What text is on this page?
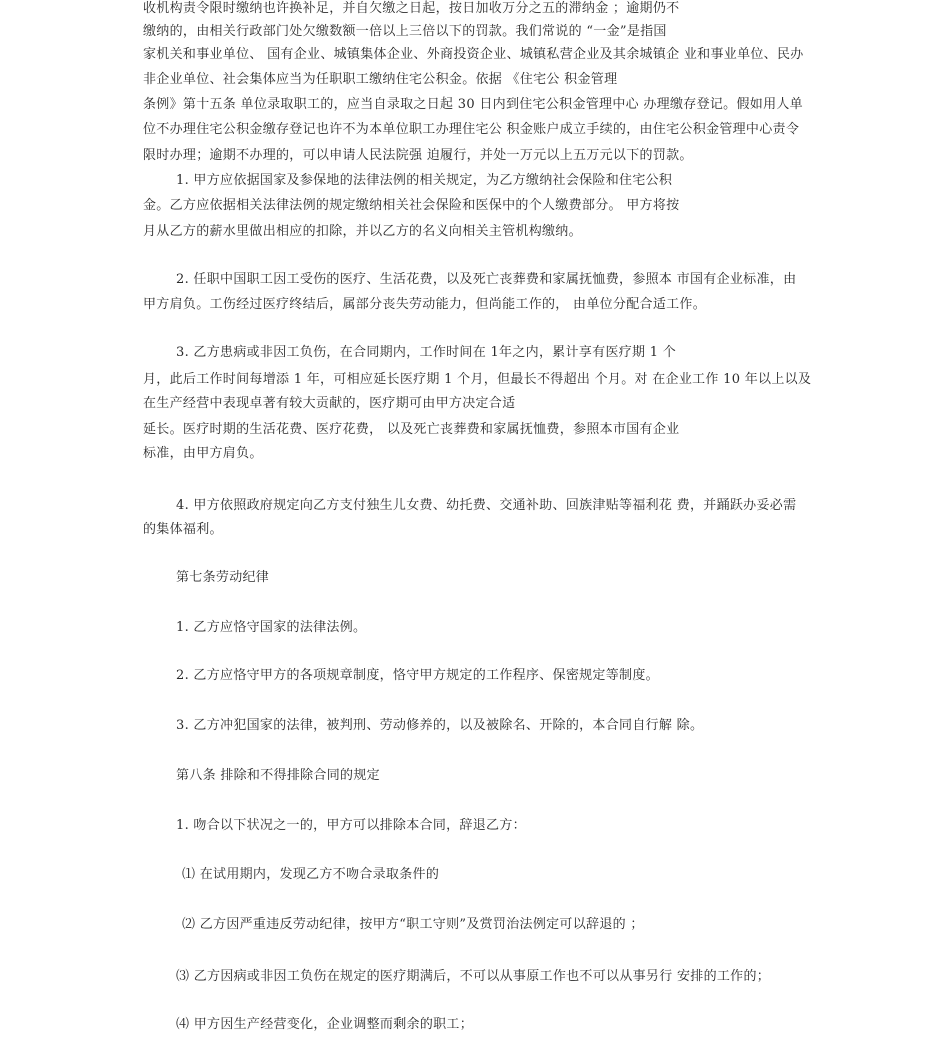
收机构责令限时缴纳也许换补足，并自欠缴之日起，按日加收万分之五的滞纳金 ；逾期仍不
缴纳的，由相关行政部门处欠缴数额一倍以上三倍以下的罚款。我们常说的 “一金”是指国
家机关和事业单位、 国有企业、城镇集体企业、外商投资企业、城镇私营企业及其余城镇企 业和事业单位、民办
非企业单位、社会集体应当为任职职工缴纳住宅公积金。依据 《住宅公 积金管理
条例》第十五条 单位录取职工的，应当自录取之日起 30 日内到住宅公积金管理中心 办理缴存登记。假如用人单
位不办理住宅公积金缴存登记也许不为本单位职工办理住宅公 积金账户成立手续的，由住宅公积金管理中心责令
限时办理；逾期不办理的，可以申请人民法院强 迫履行，并处一万元以上五万元以下的罚款。
1. 甲方应依据国家及参保地的法律法例的相关规定，为乙方缴纳社会保险和住宅公积
金。乙方应依据相关法律法例的规定缴纳相关社会保险和医保中的个人缴费部分。 甲方将按
月从乙方的薪水里做出相应的扣除，并以乙方的名义向相关主管机构缴纳。
2. 任职中国职工因工受伤的医疗、生活花费，以及死亡丧葬费和家属抚恤费，参照本 市国有企业标准，由
甲方肩负。工伤经过医疗终结后，属部分丧失劳动能力，但尚能工作的， 由单位分配合适工作。
3. 乙方患病或非因工负伤，在合同期内，工作时间在 1年之内，累计享有医疗期 1 个
月，此后工作时间每增添 1 年，可相应延长医疗期 1 个月，但最长不得超出 个月。对 在企业工作 10 年以上以及
在生产经营中表现卓著有较大贡献的，医疗期可由甲方决定合适
延长。医疗时期的生活花费、医疗花费， 以及死亡丧葬费和家属抚恤费，参照本市国有企业
标准，由甲方肩负。
4. 甲方依照政府规定向乙方支付独生儿女费、幼托费、交通补助、回族津贴等福利花 费，并踊跃办妥必需
的集体福利。
第七条劳动纪律
1. 乙方应恪守国家的法律法例。
2. 乙方应恪守甲方的各项规章制度，恪守甲方规定的工作程序、保密规定等制度。
3. 乙方冲犯国家的法律，被判刑、劳动修养的，以及被除名、开除的，本合同自行解 除。
第八条 排除和不得排除合同的规定
1. 吻合以下状况之一的，甲方可以排除本合同，辞退乙方：
⑴ 在试用期内，发现乙方不吻合录取条件的
⑵ 乙方因严重违反劳动纪律，按甲方“职工守则”及赏罚治法例定可以辞退的 ；
⑶ 乙方因病或非因工负伤在规定的医疗期满后，不可以从事原工作也不可以从事另行 安排的工作的；
⑷ 甲方因生产经营变化，企业调整而剩余的职工；
